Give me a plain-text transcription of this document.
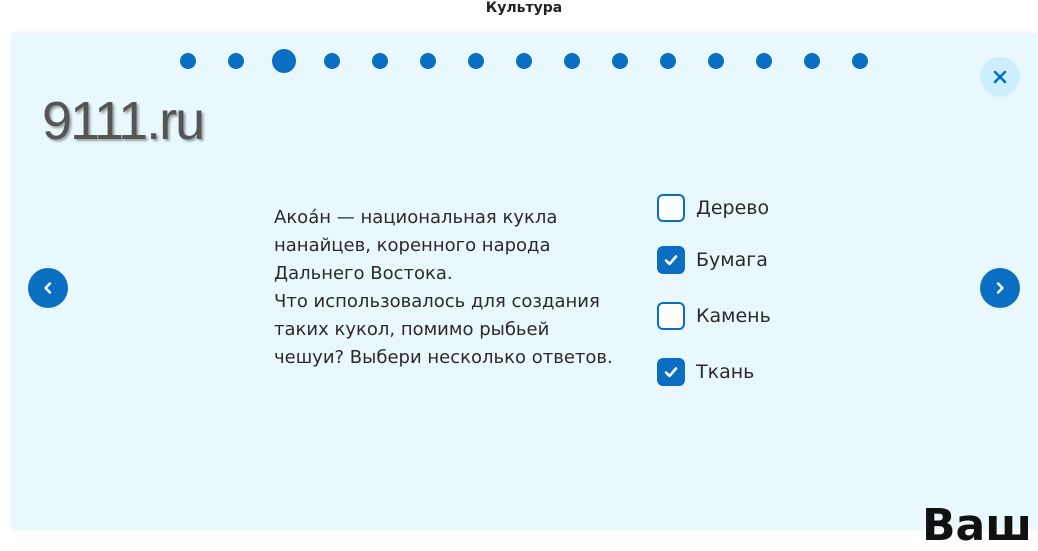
Культура
9111.ru
Акоа́н — национальная кукла
нанайцев, коренного народа
Дальнего Востока.
Что использовалось для создания
таких кукол, помимо рыбьей
чешуи? Выбери несколько ответов.
Дерево
Бумага
Камень
Ткань
Ваш
